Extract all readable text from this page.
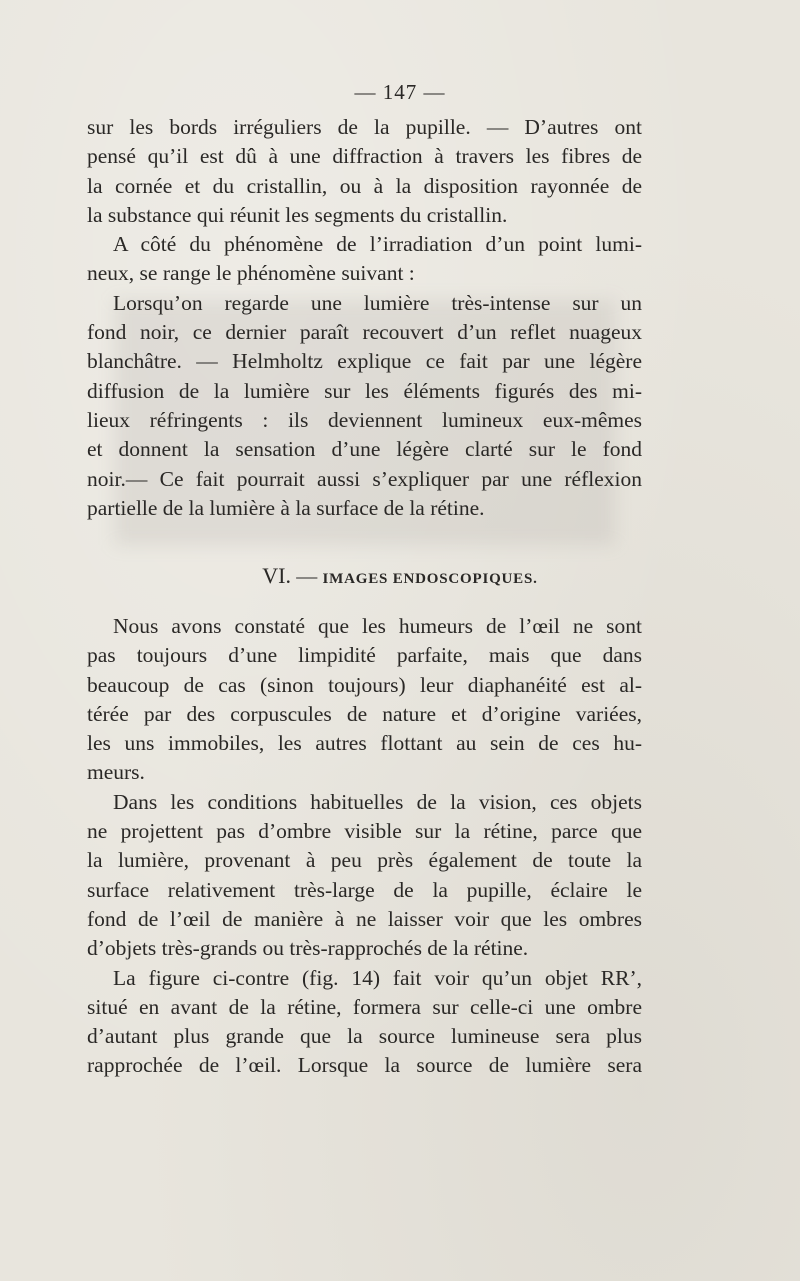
— 147 —
sur les bords irréguliers de la pupille. — D’autres ont
pensé qu’il est dû à une diffraction à travers les fibres de
la cornée et du cristallin, ou à la disposition rayonnée de
la substance qui réunit les segments du cristallin.
A côté du phénomène de l’irradiation d’un point lumi-
neux, se range le phénomène suivant :
Lorsqu’on regarde une lumière très-intense sur un
fond noir, ce dernier paraît recouvert d’un reflet nuageux
blanchâtre. — Helmholtz explique ce fait par une légère
diffusion de la lumière sur les éléments figurés des mi-
lieux réfringents : ils deviennent lumineux eux-mêmes
et donnent la sensation d’une légère clarté sur le fond
noir.— Ce fait pourrait aussi s’expliquer par une réflexion
partielle de la lumière à la surface de la rétine.
VI. — IMAGES ENDOSCOPIQUES.
Nous avons constaté que les humeurs de l’œil ne sont
pas toujours d’une limpidité parfaite, mais que dans
beaucoup de cas (sinon toujours) leur diaphanéité est al-
térée par des corpuscules de nature et d’origine variées,
les uns immobiles, les autres flottant au sein de ces hu-
meurs.
Dans les conditions habituelles de la vision, ces objets
ne projettent pas d’ombre visible sur la rétine, parce que
la lumière, provenant à peu près également de toute la
surface relativement très-large de la pupille, éclaire le
fond de l’œil de manière à ne laisser voir que les ombres
d’objets très-grands ou très-rapprochés de la rétine.
La figure ci-contre (fig. 14) fait voir qu’un objet RR’,
situé en avant de la rétine, formera sur celle-ci une ombre
d’autant plus grande que la source lumineuse sera plus
rapprochée de l’œil. Lorsque la source de lumière sera
